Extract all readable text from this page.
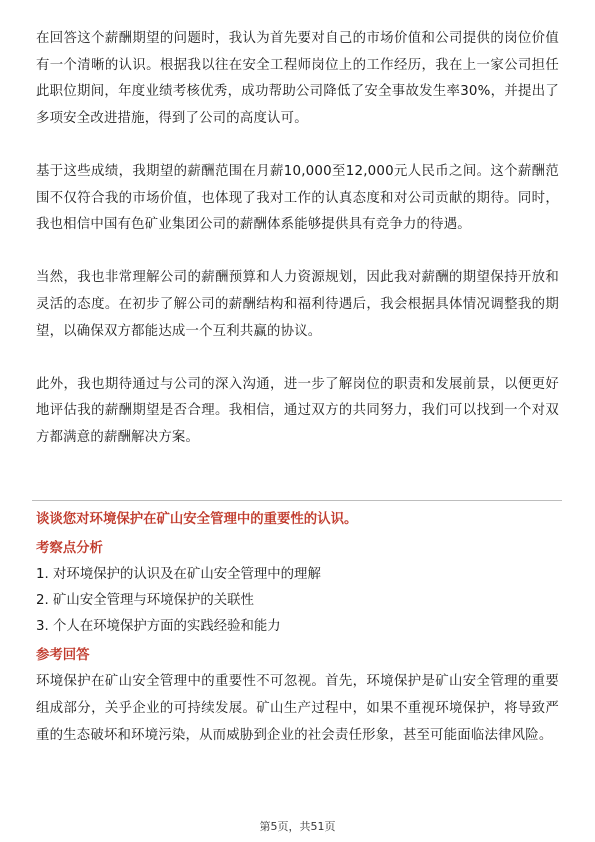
在回答这个薪酬期望的问题时，我认为首先要对自己的市场价值和公司提供的岗位价值有一个清晰的认识。根据我以往在安全工程师岗位上的工作经历，我在上一家公司担任此职位期间，年度业绩考核优秀，成功帮助公司降低了安全事故发生率30%，并提出了多项安全改进措施，得到了公司的高度认可。

基于这些成绩，我期望的薪酬范围在月薪10,000至12,000元人民币之间。这个薪酬范围不仅符合我的市场价值，也体现了我对工作的认真态度和对公司贡献的期待。同时，我也相信中国有色矿业集团公司的薪酬体系能够提供具有竞争力的待遇。

当然，我也非常理解公司的薪酬预算和人力资源规划，因此我对薪酬的期望保持开放和灵活的态度。在初步了解公司的薪酬结构和福利待遇后，我会根据具体情况调整我的期望，以确保双方都能达成一个互利共赢的协议。

此外，我也期待通过与公司的深入沟通，进一步了解岗位的职责和发展前景，以便更好地评估我的薪酬期望是否合理。我相信，通过双方的共同努力，我们可以找到一个对双方都满意的薪酬解决方案。

谈谈您对环境保护在矿山安全管理中的重要性的认识。

考察点分析

1. 对环境保护的认识及在矿山安全管理中的理解
2. 矿山安全管理与环境保护的关联性
3. 个人在环境保护方面的实践经验和能力

参考回答

环境保护在矿山安全管理中的重要性不可忽视。首先，环境保护是矿山安全管理的重要组成部分，关乎企业的可持续发展。矿山生产过程中，如果不重视环境保护，将导致严重的生态破坏和环境污染，从而威胁到企业的社会责任形象，甚至可能面临法律风险。

第5页，共51页
